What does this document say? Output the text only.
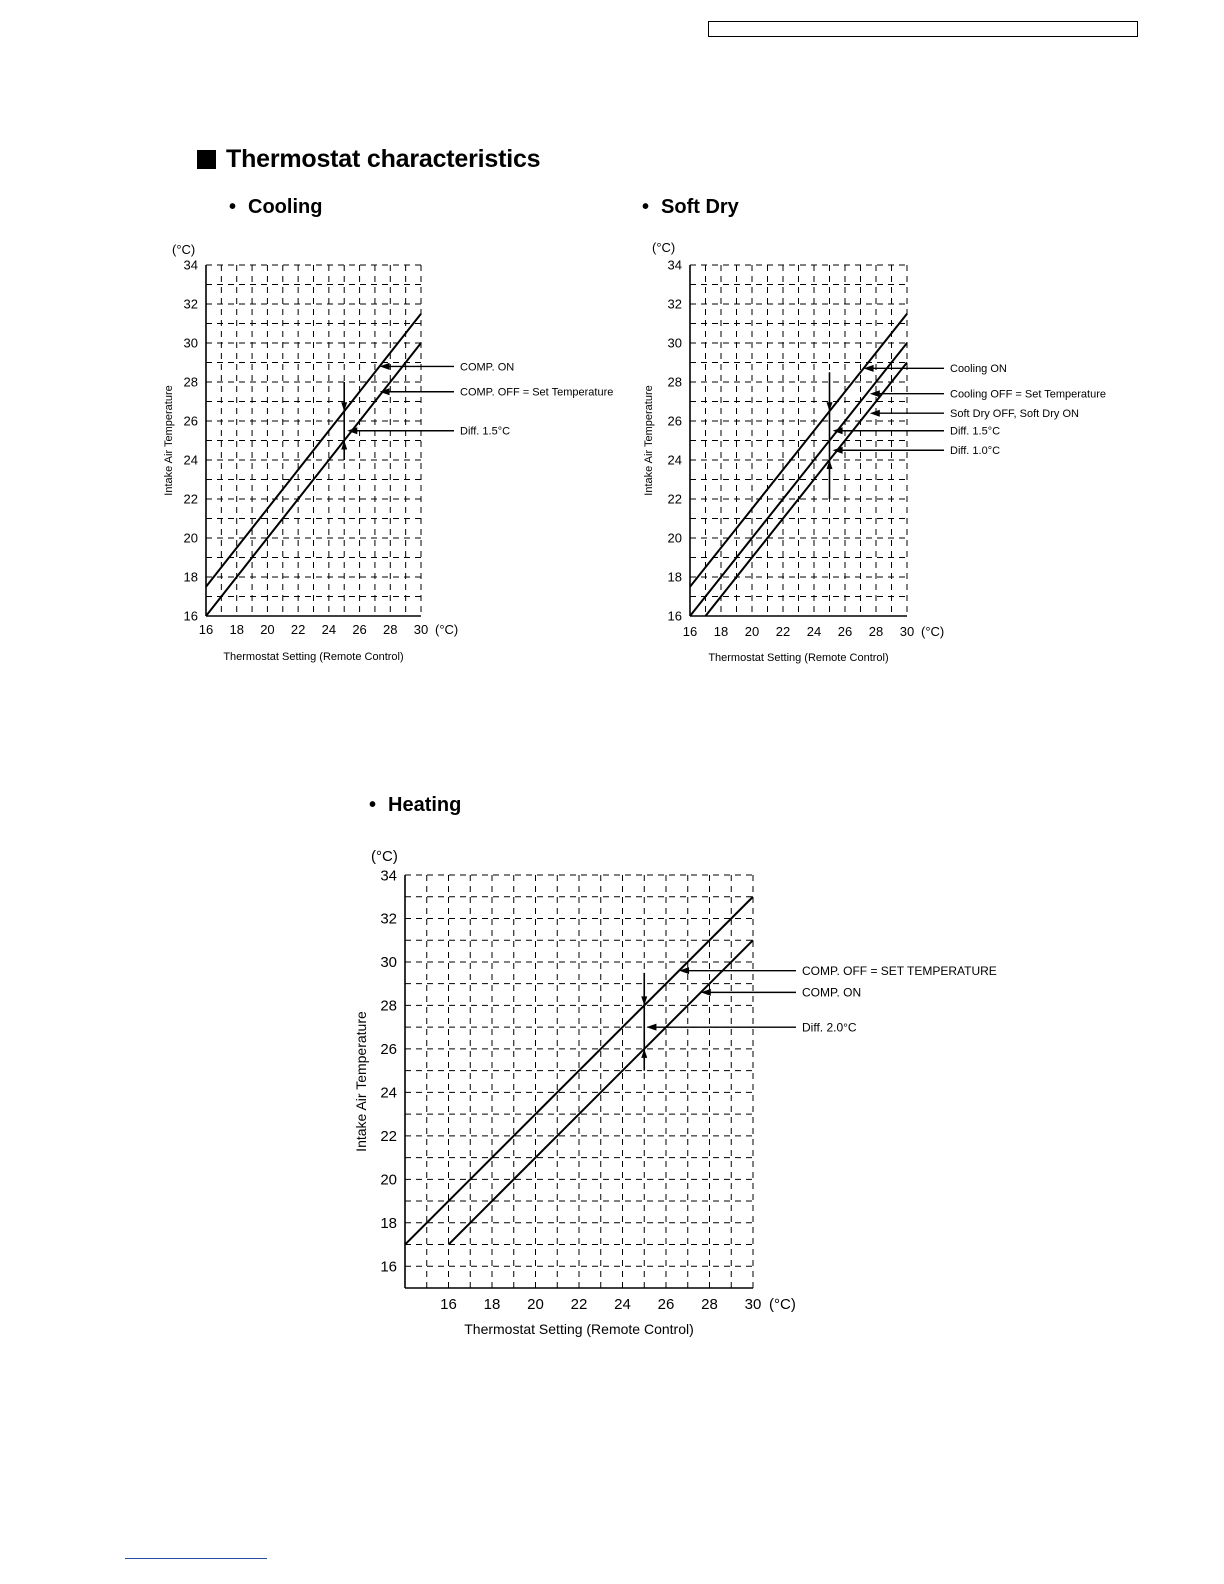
Thermostat characteristics
• Cooling	• Soft Dry
• Heating
16
18
20
22
24
26
28
30
32
34
16 18 20 22 24 26 28 30
(°C)
(°C)
Intake Air Temperature
Thermostat Setting (Remote Control)
COMP. ON
COMP. OFF = Set Temperature
Diff. 1.5°C
16
18
20
22
24
26
28
30
32
34
16 18 20 22 24 26 28 30
(°C)
(°C)
Intake Air Temperature
Thermostat Setting (Remote Control)
Cooling ON
Cooling OFF = Set Temperature
Soft Dry OFF, Soft Dry ON
Diff. 1.5°C
Diff. 1.0°C
16
18
20
22
24
26
28
30
32
34
16 18 20 22 24 26 28 30
(°C)
(°C)
Intake Air Temperature
Thermostat Setting (Remote Control)
COMP. OFF = SET TEMPERATURE
COMP. ON
Diff. 2.0°C
